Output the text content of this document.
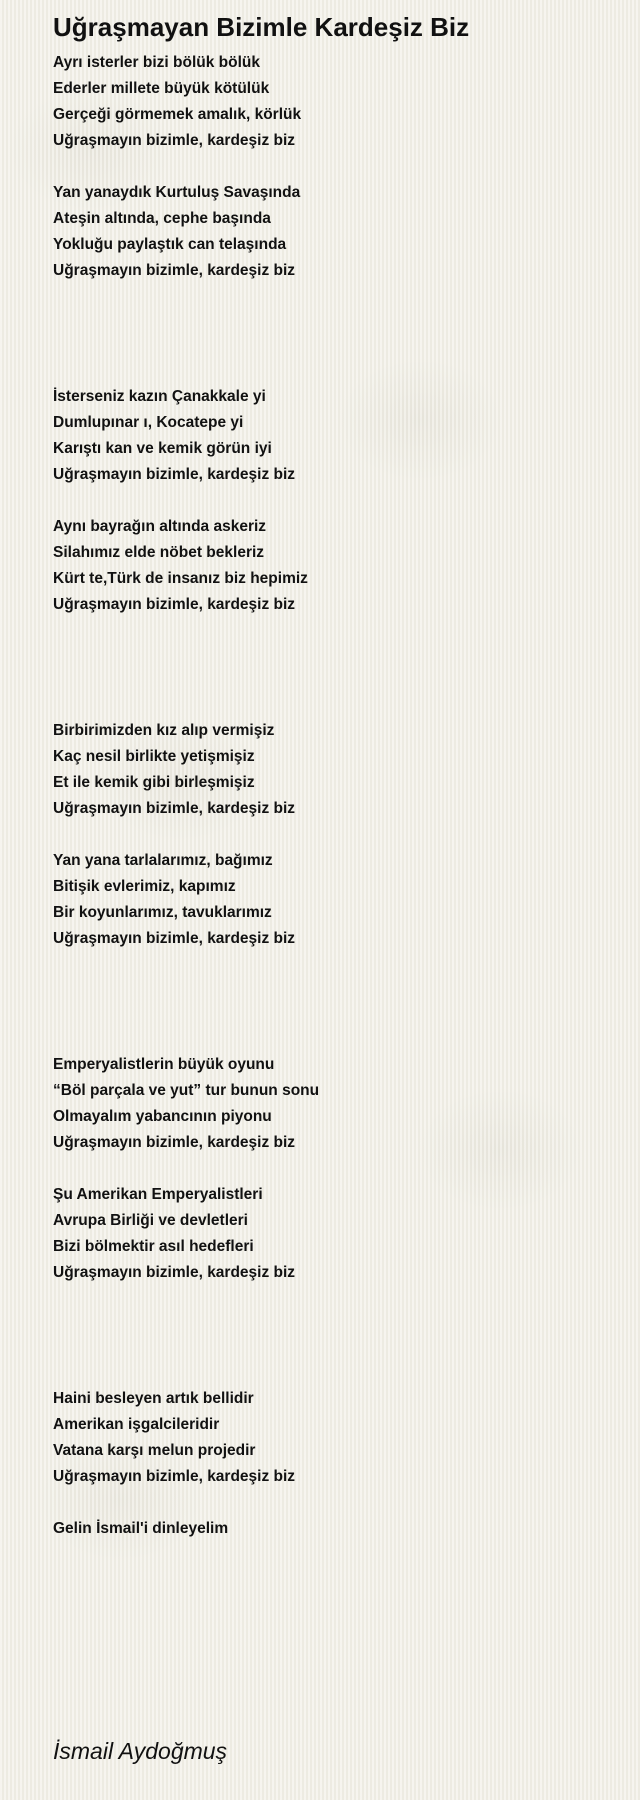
Uğraşmayan Bizimle Kardeşiz Biz
Ayrı isterler bizi bölük bölük
Ederler millete büyük kötülük
Gerçeği görmemek amalık, körlük
Uğraşmayın bizimle, kardeşiz biz
Yan yanaydık Kurtuluş Savaşında
Ateşin altında, cephe başında
Yokluğu paylaştık can telaşında
Uğraşmayın bizimle, kardeşiz biz
İsterseniz kazın Çanakkale yi
Dumlupınar ı, Kocatepe yi
Karıştı kan ve kemik görün iyi
Uğraşmayın bizimle, kardeşiz biz
Aynı bayrağın altında askeriz
Silahımız elde nöbet bekleriz
Kürt te,Türk de insanız biz hepimiz
Uğraşmayın bizimle, kardeşiz biz
Birbirimizden kız alıp vermişiz
Kaç nesil birlikte yetişmişiz
Et ile kemik gibi birleşmişiz
Uğraşmayın bizimle, kardeşiz biz
Yan yana tarlalarımız, bağımız
Bitişik evlerimiz, kapımız
Bir koyunlarımız, tavuklarımız
Uğraşmayın bizimle, kardeşiz biz
Emperyalistlerin büyük oyunu
“Böl parçala ve yut” tur bunun sonu
Olmayalım yabancının piyonu
Uğraşmayın bizimle, kardeşiz biz
Şu Amerikan Emperyalistleri
Avrupa Birliği ve devletleri
Bizi bölmektir asıl hedefleri
Uğraşmayın bizimle, kardeşiz biz
Haini besleyen artık bellidir
Amerikan işgalcileridir
Vatana karşı melun projedir
Uğraşmayın bizimle, kardeşiz biz
Gelin İsmail'i dinleyelim
İsmail Aydoğmuş
